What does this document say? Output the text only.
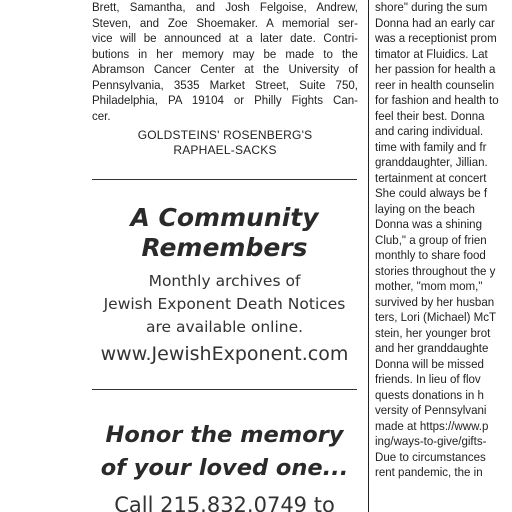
Brett, Samantha, and Josh Felgoise, Andrew,
Steven, and Zoe Shoemaker. A memorial ser-
vice will be announced at a later date. Contri-
butions in her memory may be made to the
Abramson Cancer Center at the University of
Pennsylvania, 3535 Market Street, Suite 750,
Philadelphia, PA 19104 or Philly Fights Can-
cer.
GOLDSTEINS' ROSENBERG'S
RAPHAEL-SACKS
A Community
Remembers
Monthly archives of
Jewish Exponent Death Notices
are available online.
www.JewishExponent.com
Honor the memory
of your loved one...
Call 215.832.0749 to
shore" during the sum
Donna had an early car
was a receptionist prom
timator at Fluidics. Lat
her passion for health a
reer in health counselin
for fashion and health to
feel their best. Donna
and caring individual.
time with family and fr
granddaughter, Jillian.
tertainment at concert
She could always be f
laying on the beach
Donna was a shining
Club," a group of frien
monthly to share food
stories throughout the y
mother, "mom mom,"
survived by her husban
ters, Lori (Michael) McT
stein, her younger brot
and her granddaughte
Donna will be missed
friends. In lieu of flov
quests donations in h
versity of Pennsylvani
made at https://www.p
ing/ways-to-give/gifts-
Due to circumstances
rent pandemic, the in
